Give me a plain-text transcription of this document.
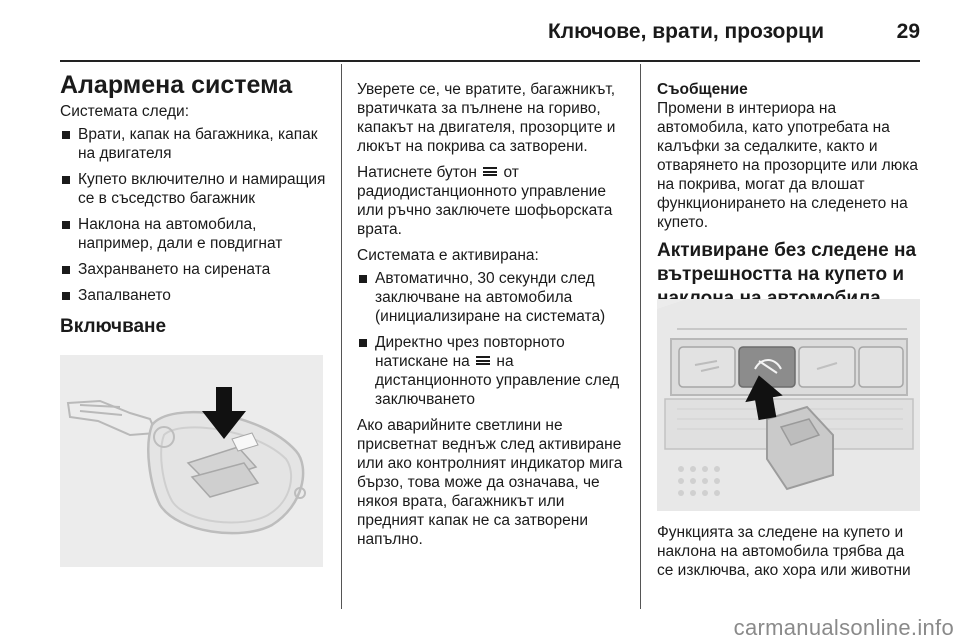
Ключове, врати, прозорци	29
Алармена система
Системата следи:
Врати, капак на багажника, капак на двигателя
Купето включително и намиращия се в съседство багажник
Наклона на автомобила, например, дали е повдигнат
Захранването на сирената
Запалването
Включване
Уверете се, че вратите, багажникът, вратичката за пълнене на гориво, капакът на двигателя, прозорците и люкът на покрива са затворени.
Натиснете бутон от радиодистанционното управление или ръчно заключете шофьорската врата.
Системата е активирана:
Автоматично, 30 секунди след заключване на автомобила (инициализиране на системата)
Директно чрез повторното натискане на на дистанционното управление след заключването
Ако аварийните светлини не присветнат веднъж след активиране или ако контролният индикатор мига бързо, това може да означава, че някоя врата, багажникът или предният капак не са затворени напълно.
Съобщение
Промени в интериора на автомобила, като употребата на калъфки за седалките, както и отварянето на прозорците или люка на покрива, могат да влошат функционирането на следенето на купето.
Активиране без следене на вътрешността на купето и
Функцията за следене на купето и наклона на автомобила трябва да се изключва, ако хора или животни
carmanualsonline.info
